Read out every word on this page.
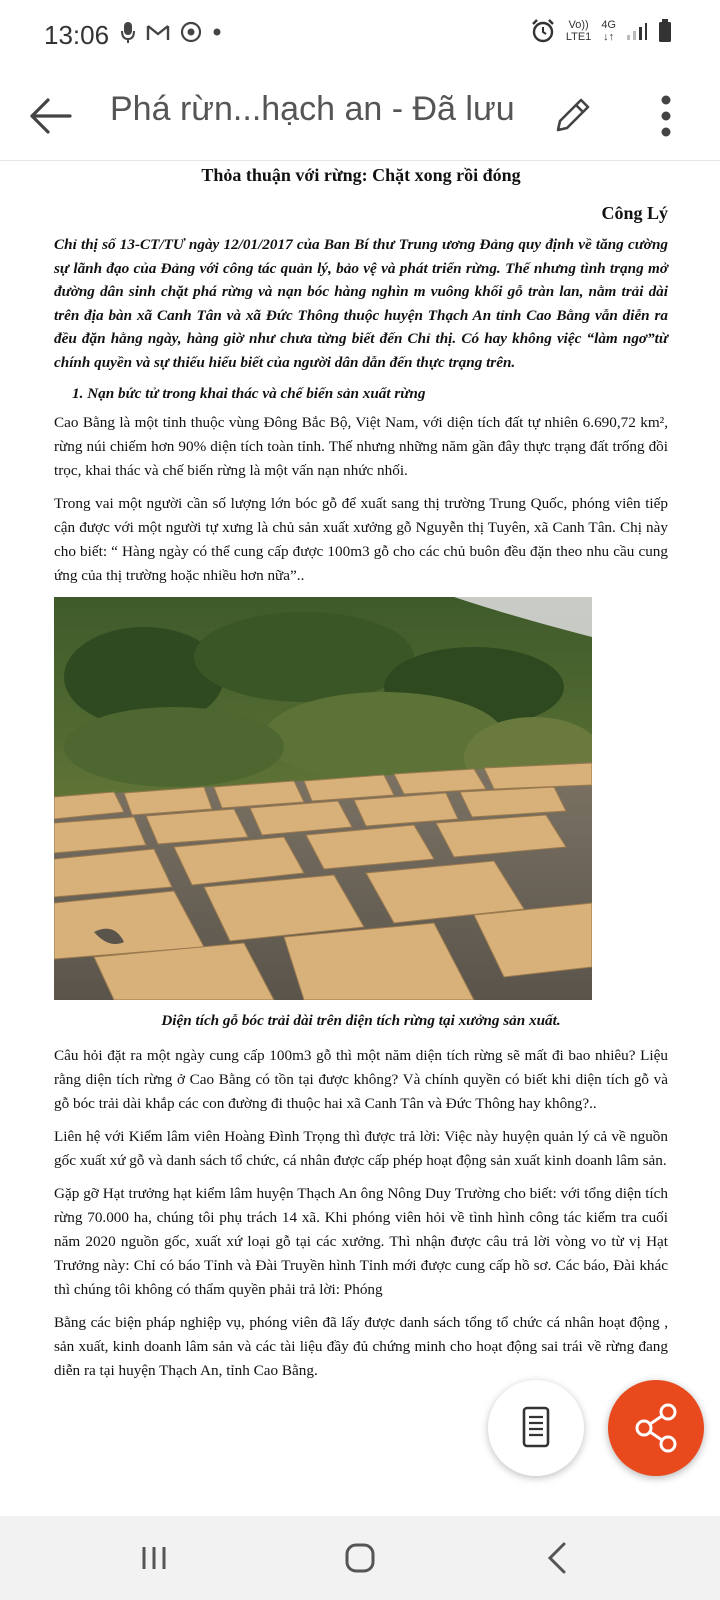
13:06	Vo))
LTE1
4G
↓↑
Phá rừn...hạch an - Đã lưu
Thỏa thuận với rừng: Chặt xong rồi đóng
Công Lý
Chỉ thị số 13-CT/TƯ ngày 12/01/2017 của Ban Bí thư Trung ương Đảng quy định về tăng cường sự lãnh đạo của Đảng với công tác quản lý, bảo vệ và phát triển rừng. Thế nhưng tình trạng mở đường dân sinh chặt phá rừng và nạn bóc hàng nghìn m vuông khối gỗ tràn lan, nằm trải dài trên địa bàn xã Canh Tân và xã Đức Thông thuộc huyện Thạch An tỉnh Cao Bằng vẫn diễn ra đều đặn hằng ngày, hàng giờ như chưa từng biết đến Chỉ thị. Có hay không việc “làm ngơ”từ chính quyền và sự thiếu hiểu biết của người dân dẫn đến thực trạng trên.
1. Nạn bức tử trong khai thác và chế biến sản xuất rừng

Cao Bằng là một tỉnh thuộc vùng Đông Bắc Bộ, Việt Nam, với diện tích đất tự nhiên 6.690,72 km², rừng núi chiếm hơn 90% diện tích toàn tỉnh. Thế nhưng những năm gần đây thực trạng đất trống đồi trọc, khai thác và chế biến rừng là một vấn nạn nhức nhối.

Trong vai một người cần số lượng lớn bóc gỗ để xuất sang thị trường Trung Quốc, phóng viên tiếp cận được với một người tự xưng là chủ sản xuất xưởng gỗ Nguyễn thị Tuyên, xã Canh Tân. Chị này cho biết: “ Hàng ngày có thể cung cấp được 100m3 gỗ cho các chủ buôn đều đặn theo nhu cầu cung ứng của thị trường hoặc nhiều hơn nữa”..

Diện tích gỗ bóc trải dài trên diện tích rừng tại xưởng sản xuất.

Câu hỏi đặt ra một ngày cung cấp 100m3 gỗ thì một năm diện tích rừng sẽ mất đi bao nhiêu? Liệu rằng diện tích rừng ở Cao Bằng có tồn tại được không? Và chính quyền có biết khi diện tích gỗ và gỗ bóc trải dài khắp các con đường đi thuộc hai xã Canh Tân và Đức Thông hay không?..

Liên hệ với Kiểm lâm viên Hoàng Đình Trọng thì được trả lời: Việc này huyện quản lý cả về nguồn gốc xuất xứ gỗ và danh sách tổ chức, cá nhân được cấp phép hoạt động sản xuất kinh doanh lâm sản.

Gặp gỡ Hạt trưởng hạt kiểm lâm huyện Thạch An ông Nông Duy Trường cho biết: với tổng diện tích rừng 70.000 ha, chúng tôi phụ trách 14 xã. Khi phóng viên hỏi về tình hình công tác kiểm tra cuối năm 2020 nguồn gốc, xuất xứ loại gỗ tại các xưởng. Thì nhận được câu trả lời vòng vo từ vị Hạt Trưởng này: Chỉ có báo Tỉnh và Đài Truyền hình Tỉnh mới được cung cấp hồ sơ. Các báo, Đài khác thì chúng tôi không có thẩm quyền phải trả lời: Phóng

Bằng các biện pháp nghiệp vụ, phóng viên đã lấy được danh sách tổng tổ chức cá nhân hoạt động , sản xuất, kinh doanh lâm sản và các tài liệu đầy đủ chứng minh cho hoạt động sai trái về rừng đang diễn ra tại huyện Thạch An, tỉnh Cao Bằng.
